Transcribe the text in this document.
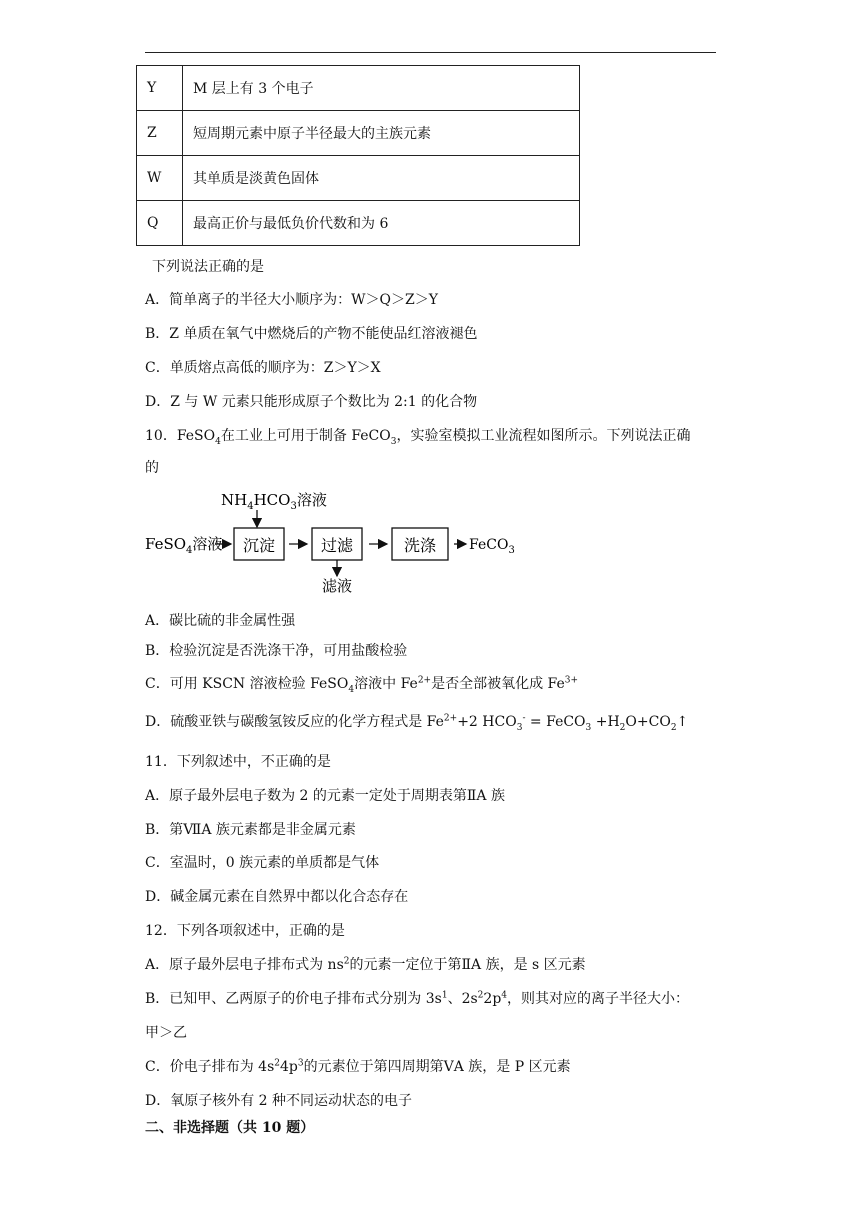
Y	M 层上有 3 个电子
Z	短周期元素中原子半径最大的主族元素
W	其单质是淡黄色固体
Q	最高正价与最低负价代数和为 6
下列说法正确的是
A．简单离子的半径大小顺序为：W＞Q＞Z＞Y
B．Z 单质在氧气中燃烧后的产物不能使品红溶液褪色
C．单质熔点高低的顺序为：Z＞Y＞X
D．Z 与 W 元素只能形成原子个数比为 2:1 的化合物
10．FeSO$_4$在工业上可用于制备 FeCO$_3$，实验室模拟工业流程如图所示。下列说法正确
的
$NH_4HCO_3$溶液
FeSO$_4$溶液 沉淀	过滤
滤液
洗涤 FeCO$_3$
A．碳比硫的非金属性强
B．检验沉淀是否洗涤干净，可用盐酸检验
C．可用 KSCN 溶液检验 FeSO$_4$溶液中 $Fe^{2+}$是否全部被氧化成 $Fe^{3+}$
D．硫酸亚铁与碳酸氢铵反应的化学方程式是 $Fe^{2+}+2$ $HCO_3^-$ = FeCO$_3$ $+H_2O+CO_2↑$
11．下列叙述中，不正确的是
A．原子最外层电子数为 2 的元素一定处于周期表第ⅡA 族
B．第ⅦA 族元素都是非金属元素
C．室温时，0 族元素的单质都是气体
D．碱金属元素在自然界中都以化合态存在
12．下列各项叙述中，正确的是
A．原子最外层电子排布式为 $ns^2$的元素一定位于第ⅡA 族，是 s 区元素
B．已知甲、乙两原子的价电子排布式分别为 $3s^1$、$2s^22p^4$，则其对应的离子半径大小：
甲＞乙
C．价电子排布为 $4s^24p^3$的元素位于第四周期第ⅤA 族，是 P 区元素
D．氧原子核外有 2 种不同运动状态的电子
二、非选择题（共 10 题）
